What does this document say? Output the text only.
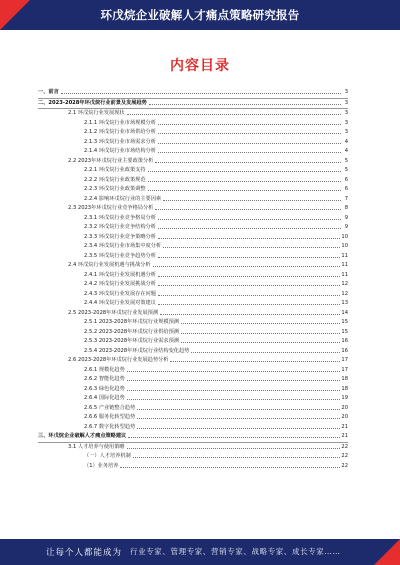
环戊烷企业破解人才痛点策略研究报告
内容目录
一、前言	3
二、2023-2028年环戊烷行业前景及发展趋势	3
2.1 环戊烷行业发展现状	3
2.1.1 环戊烷行业市场规模分析	3
2.1.2 环戊烷行业市场供给分析	3
2.1.3 环戊烷行业市场需求分析	4
2.1.4 环戊烷行业市场结构分析	4
2.2 2023年环戊烷行业主要政策分析	5
2.2.1 环戊烷行业政策支持	5
2.2.2 环戊烷行业政策规范	6
2.2.3 环戊烷行业政策调整	6
2.2.4 影响环戊烷行业的主要因素	7
2.3 2023年环戊烷行业竞争格局分析	8
2.3.1 环戊烷行业竞争格局分析	9
2.3.2 环戊烷行业竞争结构分析	9
2.3.3 环戊烷行业竞争策略分析	10
2.3.4 环戊烷行业市场集中度分析	10
2.3.5 环戊烷行业竞争趋势分析	11
2.4 环戊烷行业发展机遇与挑战分析	11
2.4.1 环戊烷行业发展机遇分析	11
2.4.2 环戊烷行业发展挑战分析	12
2.4.3 环戊烷行业发展存在问题	12
2.4.4 环戊烷行业发展对策建议	13
2.5 2023-2028年环戊烷行业发展预测	14
2.5.1 2023-2028年环戊烷行业规模预测	15
2.5.2 2023-2028年环戊烷行业供给预测	15
2.5.3 2023-2028年环戊烷行业需求预测	16
2.5.4 2023-2028年环戊烷行业结构变化趋势	16
2.6 2023-2028年环戊烷行业发展趋势分析	17
2.6.1 规模化趋势	17
2.6.2 智能化趋势	18
2.6.3 绿色化趋势	18
2.6.4 国际化趋势	19
2.6.5 产业链整合趋势	20
2.6.6 服务化转型趋势	20
2.6.7 数字化转型趋势	21
三、环戊烷企业破解人才痛点策略建议	21
3.1 人才培养与使用策略	22
（一）人才培养机制	22
（1）业务培养	22
让每个人都能成为 行业专家、管理专家、营销专家、战略专家、成长专家……
